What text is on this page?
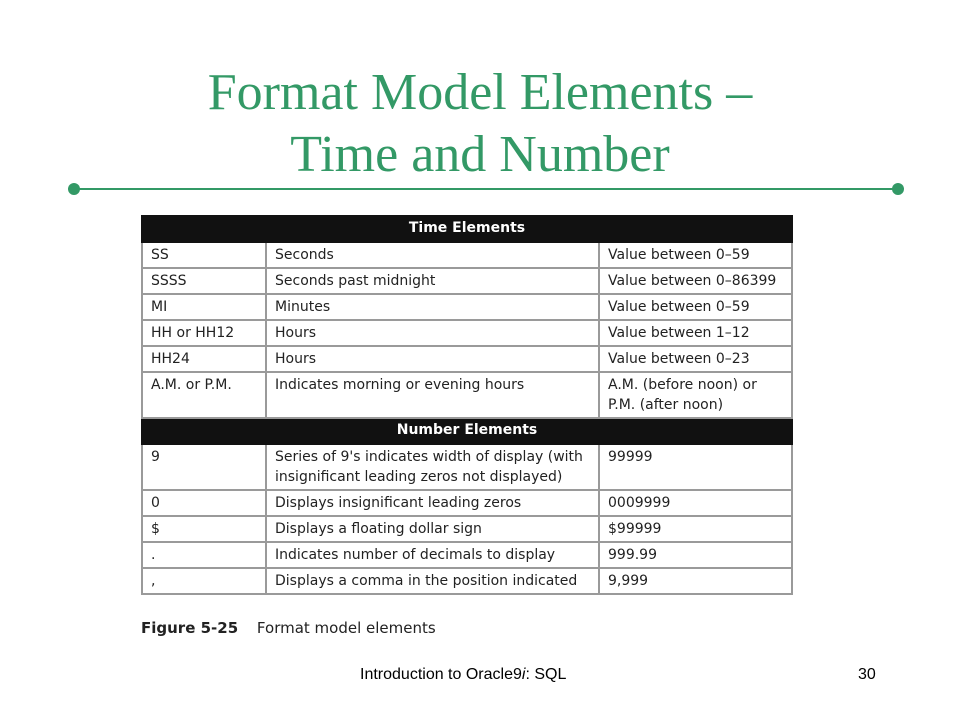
Format Model Elements –
Time and Number
Time Elements		
SS	Seconds	Value between 0–59
SSSS	Seconds past midnight	Value between 0–86399
MI	Minutes	Value between 0–59
HH or HH12	Hours	Value between 1–12
HH24	Hours	Value between 0–23
A.M. or P.M.	Indicates morning or evening hours	A.M. (before noon) or P.M. (after noon)
Number Elements		
9	Series of 9's indicates width of display (with insignificant leading zeros not displayed)	99999
0	Displays insignificant leading zeros	0009999
$	Displays a floating dollar sign	$99999
.	Indicates number of decimals to display	999.99
,	Displays a comma in the position indicated	9,999
Figure 5-25 Format model elements
Introduction to Oracle9i: SQL	30
